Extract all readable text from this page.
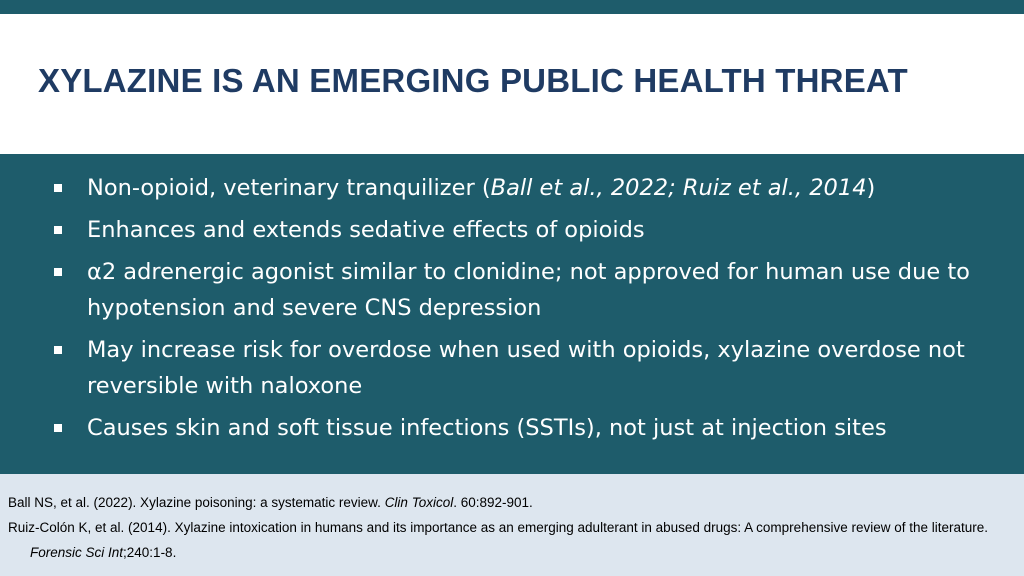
XYLAZINE IS AN EMERGING PUBLIC HEALTH THREAT
Non-opioid, veterinary tranquilizer (Ball et al., 2022; Ruiz et al., 2014)
Enhances and extends sedative effects of opioids
α2 adrenergic agonist similar to clonidine; not approved for human use due to hypotension and severe CNS depression
May increase risk for overdose when used with opioids, xylazine overdose not reversible with naloxone
Causes skin and soft tissue infections (SSTIs), not just at injection sites

Ball NS, et al. (2022). Xylazine poisoning: a systematic review. Clin Toxicol. 60:892-901.

Ruiz-Colón K, et al. (2014). Xylazine intoxication in humans and its importance as an emerging adulterant in abused drugs: A comprehensive review of the literature. Forensic Sci Int;240:1-8.
